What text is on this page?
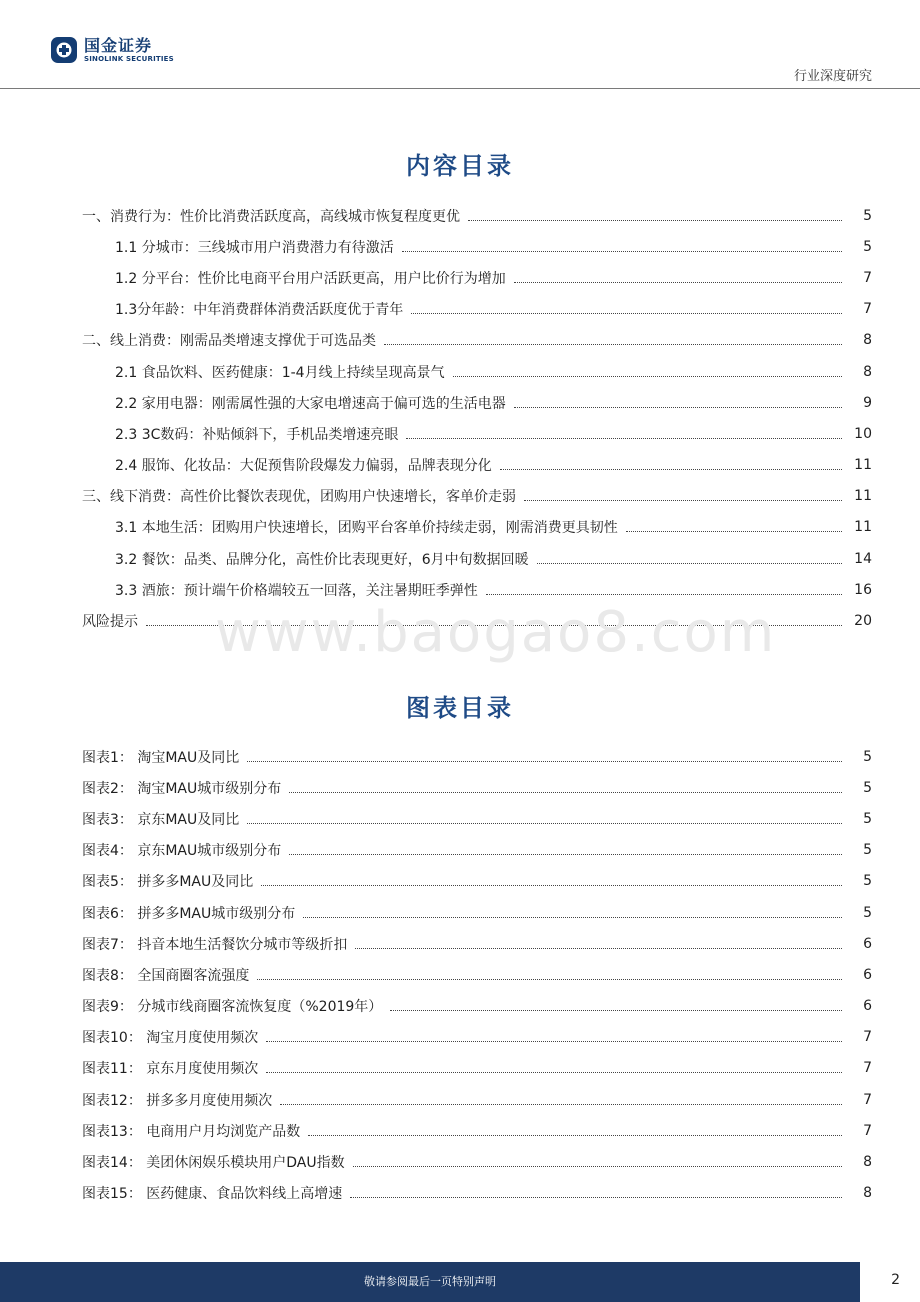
国金证券
SINOLINK SECURITIES
行业深度研究
内容目录
一、消费行为：性价比消费活跃度高，高线城市恢复程度更优	5
1.1 分城市：三线城市用户消费潜力有待激活	5
1.2 分平台：性价比电商平台用户活跃更高，用户比价行为增加	7
1.3分年龄：中年消费群体消费活跃度优于青年	7
二、线上消费：刚需品类增速支撑优于可选品类	8
2.1 食品饮料、医药健康：1-4月线上持续呈现高景气	8
2.2 家用电器：刚需属性强的大家电增速高于偏可选的生活电器	9
2.3 3C数码：补贴倾斜下，手机品类增速亮眼	10
2.4 服饰、化妆品：大促预售阶段爆发力偏弱，品牌表现分化	11
三、线下消费：高性价比餐饮表现优，团购用户快速增长，客单价走弱	11
3.1 本地生活：团购用户快速增长，团购平台客单价持续走弱，刚需消费更具韧性	11
3.2 餐饮：品类、品牌分化，高性价比表现更好，6月中旬数据回暖	14
3.3 酒旅：预计端午价格端较五一回落，关注暑期旺季弹性	16
风险提示	20
www.baogao8.com
图表目录
图表1： 淘宝MAU及同比	5
图表2： 淘宝MAU城市级别分布	5
图表3： 京东MAU及同比	5
图表4： 京东MAU城市级别分布	5
图表5： 拼多多MAU及同比	5
图表6： 拼多多MAU城市级别分布	5
图表7： 抖音本地生活餐饮分城市等级折扣	6
图表8： 全国商圈客流强度	6
图表9： 分城市线商圈客流恢复度（%2019年）	6
图表10： 淘宝月度使用频次	7
图表11： 京东月度使用频次	7
图表12： 拼多多月度使用频次	7
图表13： 电商用户月均浏览产品数	7
图表14： 美团休闲娱乐模块用户DAU指数	8
图表15： 医药健康、食品饮料线上高增速	8
敬请参阅最后一页特别声明	2
